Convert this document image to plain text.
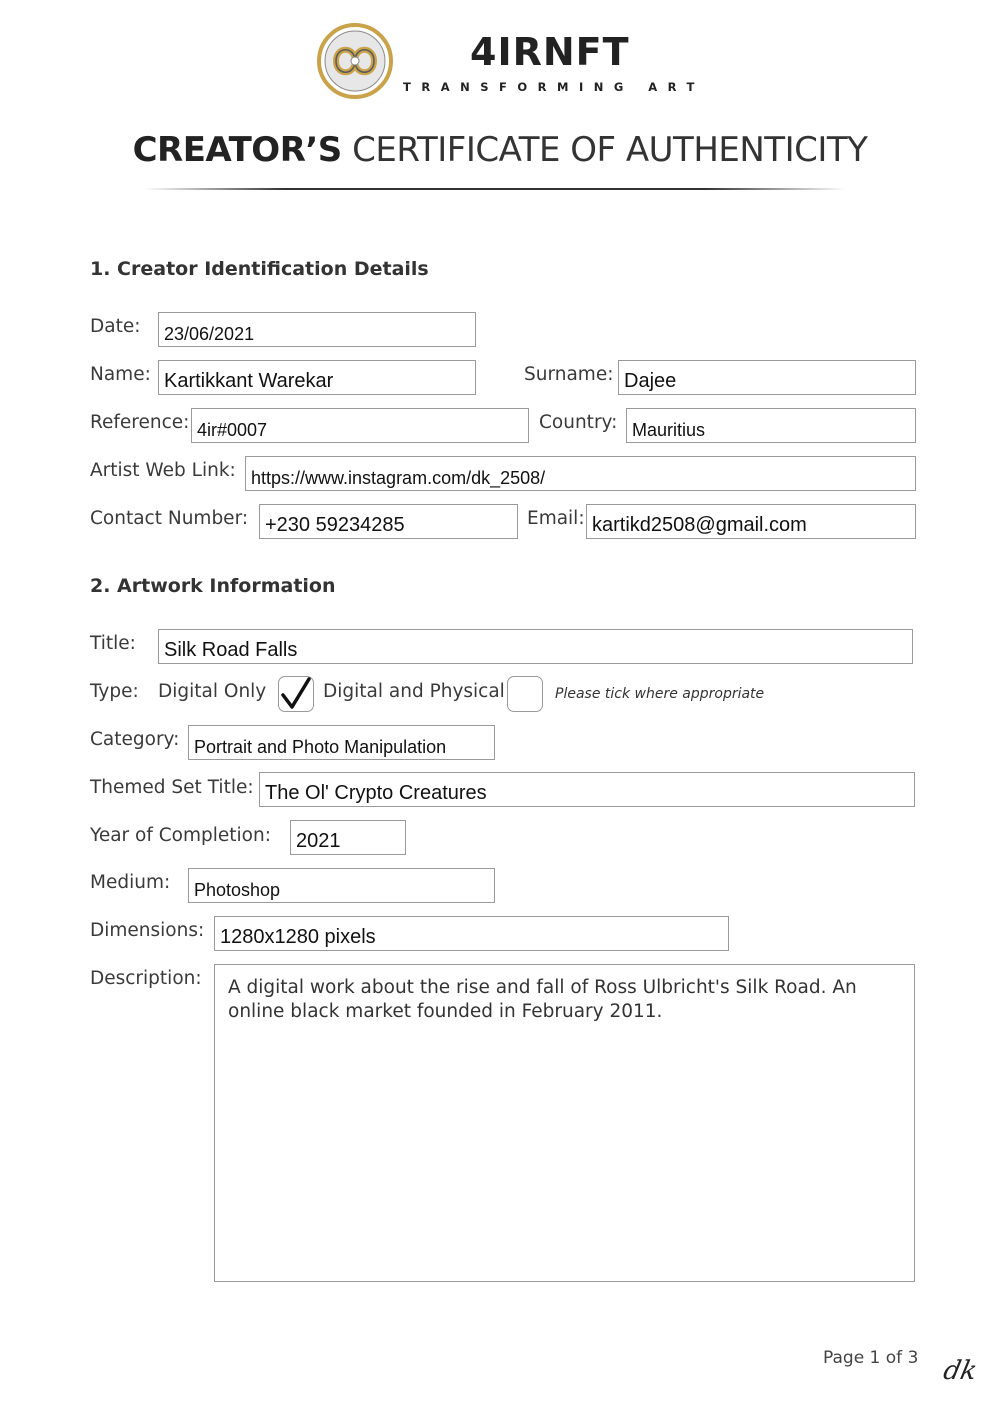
4IRNFT
TRANSFORMING ART
CREATOR’S CERTIFICATE OF AUTHENTICITY
1. Creator Identification Details
Date: 23/06/2021
Name: Kartikkant Warekar	Surname: Dajee
Reference: 4ir#0007	Country: Mauritius
Artist Web Link: https://www.instagram.com/dk_2508/
Contact Number: +230 59234285	Email: kartikd2508@gmail.com
2. Artwork Information
Title: Silk Road Falls
Type: Digital Only	Digital and Physical	Please tick where appropriate
Category: Portrait and Photo Manipulation
Themed Set Title: The Ol' Crypto Creatures
Year of Completion: 2021
Medium: Photoshop
Dimensions: 1280x1280 pixels
Description: A digital work about the rise and fall of Ross Ulbricht's Silk Road. An online black market founded in February 2011.
Page 1 of 3 dk
